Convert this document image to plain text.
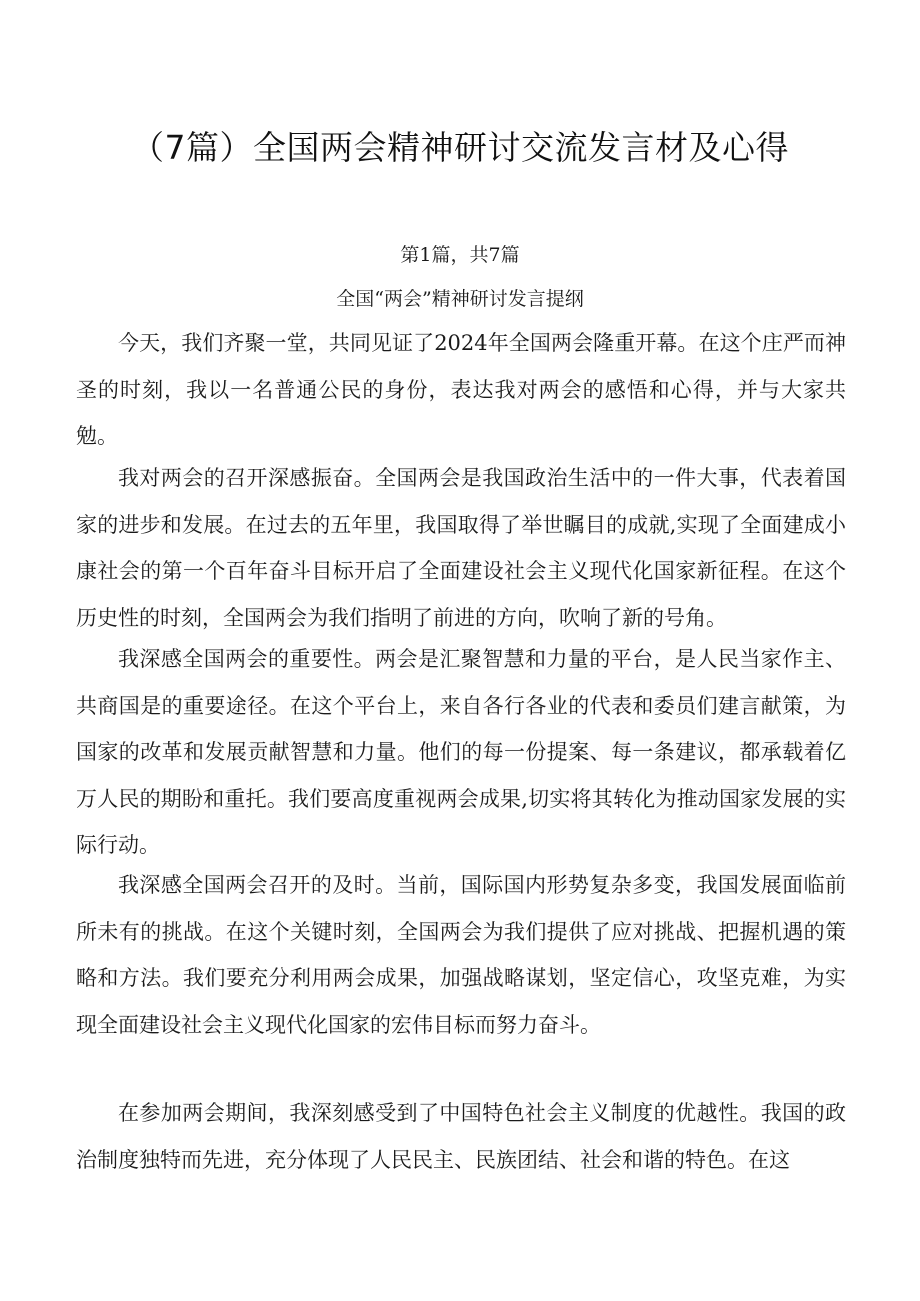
（7篇）全国两会精神研讨交流发言材及心得

第1篇，共7篇

全国“两会”精神研讨发言提纲

今天，我们齐聚一堂，共同见证了2024年全国两会隆重开幕。在这个庄严而神圣的时刻，我以一名普通公民的身份，表达我对两会的感悟和心得，并与大家共勉。

我对两会的召开深感振奋。全国两会是我国政治生活中的一件大事，代表着国家的进步和发展。在过去的五年里，我国取得了举世瞩目的成就,实现了全面建成小康社会的第一个百年奋斗目标开启了全面建设社会主义现代化国家新征程。在这个历史性的时刻，全国两会为我们指明了前进的方向，吹响了新的号角。

我深感全国两会的重要性。两会是汇聚智慧和力量的平台，是人民当家作主、共商国是的重要途径。在这个平台上，来自各行各业的代表和委员们建言献策，为国家的改革和发展贡献智慧和力量。他们的每一份提案、每一条建议，都承载着亿万人民的期盼和重托。我们要高度重视两会成果,切实将其转化为推动国家发展的实际行动。

我深感全国两会召开的及时。当前，国际国内形势复杂多变，我国发展面临前所未有的挑战。在这个关键时刻，全国两会为我们提供了应对挑战、把握机遇的策略和方法。我们要充分利用两会成果，加强战略谋划，坚定信心，攻坚克难，为实现全面建设社会主义现代化国家的宏伟目标而努力奋斗。

在参加两会期间，我深刻感受到了中国特色社会主义制度的优越性。我国的政治制度独特而先进，充分体现了人民民主、民族团结、社会和谐的特色。在这
